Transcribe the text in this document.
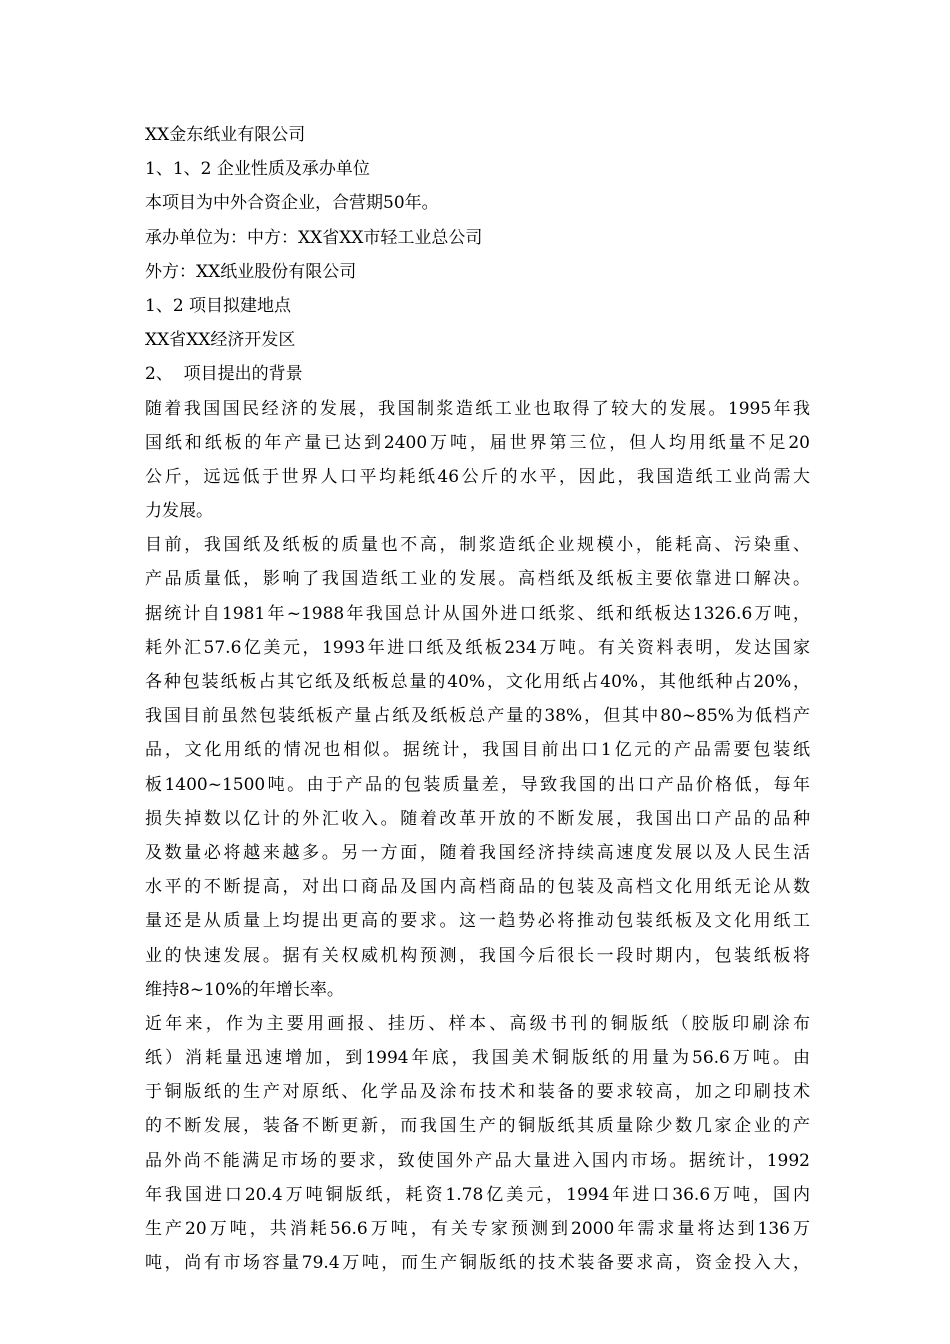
XX金东纸业有限公司
1、1、2 企业性质及承办单位
本项目为中外合资企业，合营期50年。
承办单位为：中方：XX省XX市轻工业总公司
外方：XX纸业股份有限公司
1、2 项目拟建地点
XX省XX经济开发区
2、  项目提出的背景
随着我国国民经济的发展，我国制浆造纸工业也取得了较大的发展。1995年我
国纸和纸板的年产量已达到2400万吨，届世界第三位，但人均用纸量不足20
公斤，远远低于世界人口平均耗纸46公斤的水平，因此，我国造纸工业尚需大
力发展。
目前，我国纸及纸板的质量也不高，制浆造纸企业规模小，能耗高、污染重、
产品质量低，影响了我国造纸工业的发展。高档纸及纸板主要依靠进口解决。
据统计自1981年~1988年我国总计从国外进口纸浆、纸和纸板达1326.6万吨，
耗外汇57.6亿美元，1993年进口纸及纸板234万吨。有关资料表明，发达国家
各种包装纸板占其它纸及纸板总量的40%，文化用纸占40%，其他纸种占20%，
我国目前虽然包装纸板产量占纸及纸板总产量的38%，但其中80~85%为低档产
品，文化用纸的情况也相似。据统计，我国目前出口1亿元的产品需要包装纸
板1400~1500吨。由于产品的包装质量差，导致我国的出口产品价格低，每年
损失掉数以亿计的外汇收入。随着改革开放的不断发展，我国出口产品的品种
及数量必将越来越多。另一方面，随着我国经济持续高速度发展以及人民生活
水平的不断提高，对出口商品及国内高档商品的包装及高档文化用纸无论从数
量还是从质量上均提出更高的要求。这一趋势必将推动包装纸板及文化用纸工
业的快速发展。据有关权威机构预测，我国今后很长一段时期内，包装纸板将
维持8~10%的年增长率。
近年来，作为主要用画报、挂历、样本、高级书刊的铜版纸（胶版印刷涂布
纸）消耗量迅速增加，到1994年底，我国美术铜版纸的用量为56.6万吨。由
于铜版纸的生产对原纸、化学品及涂布技术和装备的要求较高，加之印刷技术
的不断发展，装备不断更新，而我国生产的铜版纸其质量除少数几家企业的产
品外尚不能满足市场的要求，致使国外产品大量进入国内市场。据统计，1992
年我国进口20.4万吨铜版纸，耗资1.78亿美元，1994年进口36.6万吨，国内
生产20万吨，共消耗56.6万吨，有关专家预测到2000年需求量将达到136万
吨，尚有市场容量79.4万吨，而生产铜版纸的技术装备要求高，资金投入大，
